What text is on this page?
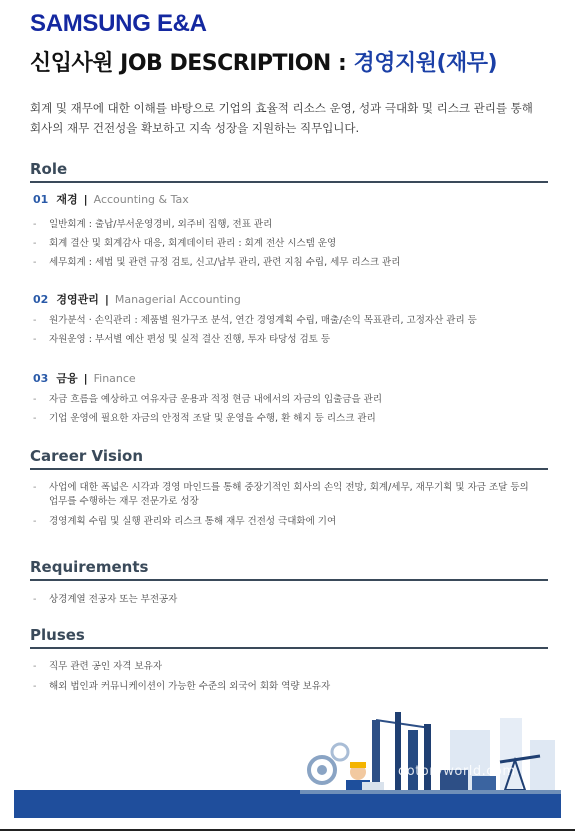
SAMSUNG E&A
신입사원 JOB DESCRIPTION : 경영지원(재무)
회계 및 재무에 대한 이해를 바탕으로 기업의 효율적 리소스 운영, 성과 극대화 및 리스크 관리를 통해
회사의 재무 건전성을 확보하고 지속 성장을 지원하는 직무입니다.
Role
01 재경 | Accounting & Tax
- 일반회계 : 출납/부서운영경비, 외주비 집행, 전표 관리
- 회계 결산 및 회계감사 대응, 회계데이터 관리 : 회계 전산 시스템 운영
- 세무회계 : 세법 및 관련 규정 검토, 신고/납부 관리, 관련 지침 수립, 세무 리스크 관리
02 경영관리 | Managerial Accounting
- 원가분석 · 손익관리 : 제품별 원가구조 분석, 연간 경영계획 수립, 매출/손익 목표관리, 고정자산 관리 등
- 자원운영 : 부서별 예산 편성 및 실적 결산 진행, 투자 타당성 검토 등
03 금융 | Finance
- 자금 흐름을 예상하고 여유자금 운용과 적정 현금 내에서의 자금의 입출금을 관리
- 기업 운영에 필요한 자금의 안정적 조달 및 운영을 수행, 환 해지 등 리스크 관리
Career Vision
- 사업에 대한 폭넓은 시각과 경영 마인드를 통해 중장기적인 회사의 손익 전망, 회계/세무, 재무기획 및 자금 조달 등의
업무를 수행하는 재무 전문가로 성장
- 경영계획 수립 및 실행 관리와 리스크 통해 재무 건전성 극대화에 기여
Requirements
- 상경계열 전공자 또는 부전공자
Pluses
- 직무 관련 공인 자격 보유자
- 해외 법인과 커뮤니케이션이 가능한 수준의 외국어 회화 역량 보유자
dotoryworld.com
